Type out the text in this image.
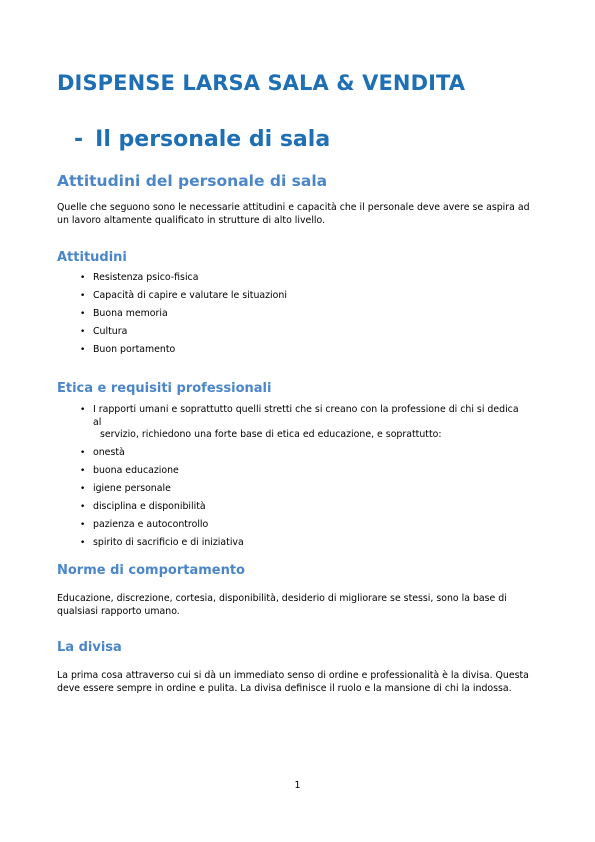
DISPENSE LARSA SALA & VENDITA
- Il personale di sala
Attitudini del personale di sala
Quelle che seguono sono le necessarie attitudini e capacità che il personale deve avere se aspira ad un lavoro altamente qualificato in strutture di alto livello.
Attitudini
• Resistenza psico-fisica
• Capacità di capire e valutare le situazioni
• Buona memoria
• Cultura
• Buon portamento
Etica e requisiti professionali
• I rapporti umani e soprattutto quelli stretti che si creano con la professione di chi si dedica al
servizio, richiedono una forte base di etica ed educazione, e soprattutto:
• onestà
• buona educazione
• igiene personale
• disciplina e disponibilità
• pazienza e autocontrollo
• spirito di sacrificio e di iniziativa
Norme di comportamento
Educazione, discrezione, cortesia, disponibilità, desiderio di migliorare se stessi, sono la base di qualsiasi rapporto umano.
La divisa
La prima cosa attraverso cui si dà un immediato senso di ordine e professionalità è la divisa. Questa deve essere sempre in ordine e pulita. La divisa definisce il ruolo e la mansione di chi la indossa.
1
